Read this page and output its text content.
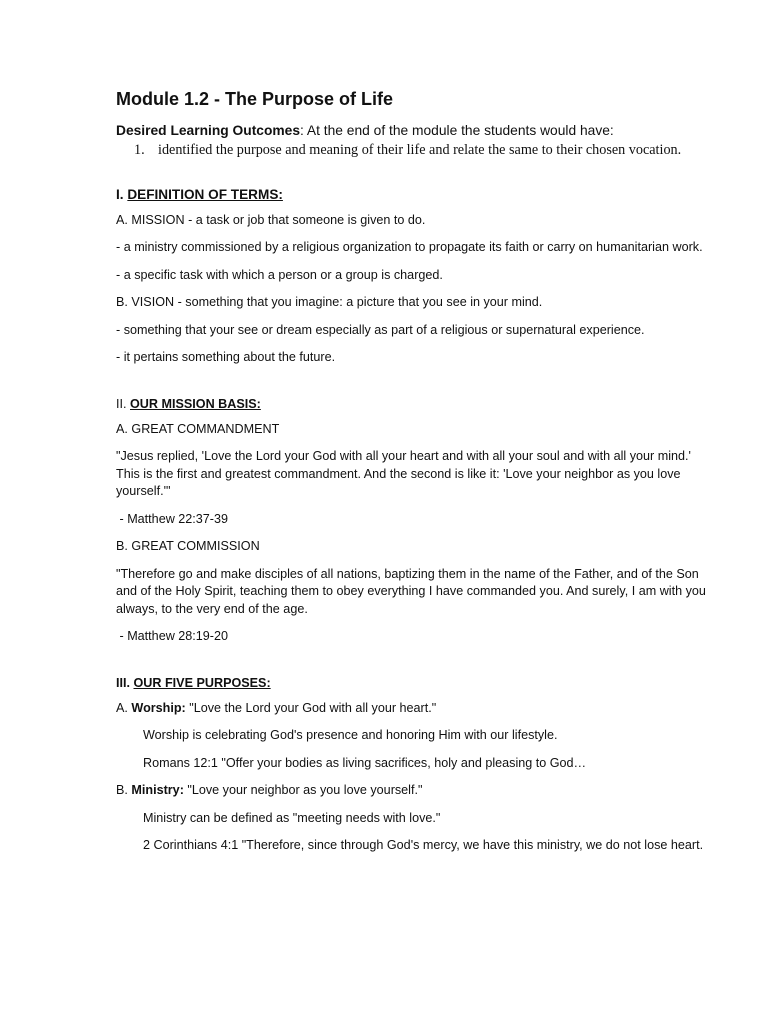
Module 1.2 - The Purpose of Life

Desired Learning Outcomes: At the end of the module the students would have:

1. identified the purpose and meaning of their life and relate the same to their chosen vocation.
I. DEFINITION OF TERMS:

A. MISSION - a task or job that someone is given to do.

- a ministry commissioned by a religious organization to propagate its faith or carry on humanitarian work.

- a specific task with which a person or a group is charged.

B. VISION - something that you imagine: a picture that you see in your mind.

- something that your see or dream especially as part of a religious or supernatural experience.

- it pertains something about the future.

II. OUR MISSION BASIS:

A. GREAT COMMANDMENT

"Jesus replied, 'Love the Lord your God with all your heart and with all your soul and with all your mind.' This is the first and greatest commandment. And the second is like it: 'Love your neighbor as you love yourself.'"

- Matthew 22:37-39

B. GREAT COMMISSION

"Therefore go and make disciples of all nations, baptizing them in the name of the Father, and of the Son and of the Holy Spirit, teaching them to obey everything I have commanded you. And surely, I am with you always, to the very end of the age.

- Matthew 28:19-20

III. OUR FIVE PURPOSES:

A. Worship: "Love the Lord your God with all your heart."

Worship is celebrating God's presence and honoring Him with our lifestyle.

Romans 12:1 "Offer your bodies as living sacrifices, holy and pleasing to God…

B. Ministry: "Love your neighbor as you love yourself."

Ministry can be defined as "meeting needs with love."

2 Corinthians 4:1 "Therefore, since through God's mercy, we have this ministry, we do not lose heart.
